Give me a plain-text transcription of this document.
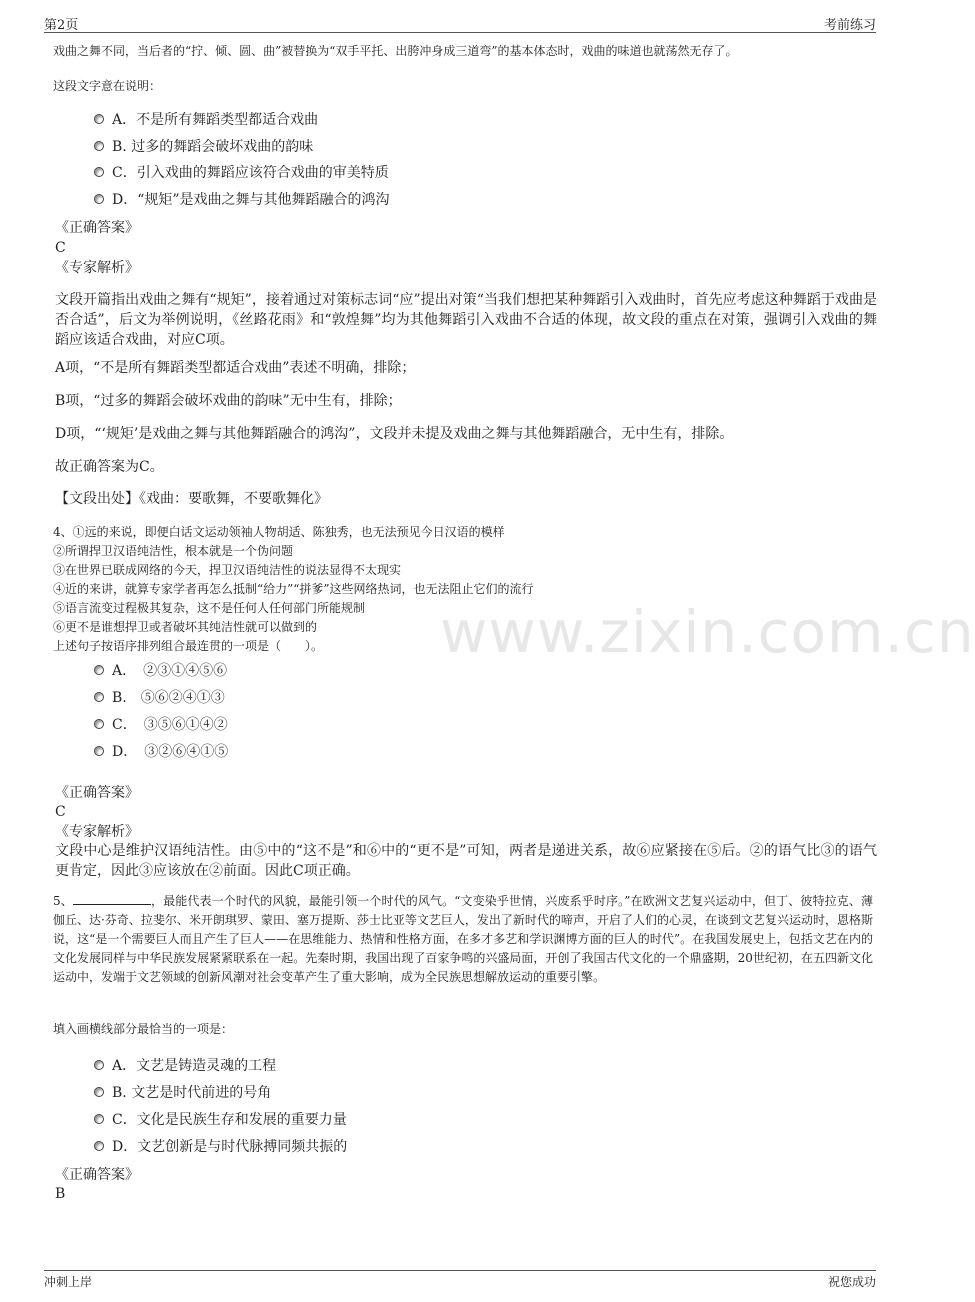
第2页	考前练习
戏曲之舞不同，当后者的“拧、倾、圆、曲”被替换为“双手平托、出胯冲身成三道弯”的基本体态时，戏曲的味道也就荡然无存了。
这段文字意在说明：
A．不是所有舞蹈类型都适合戏曲
B. 过多的舞蹈会破坏戏曲的韵味
C．引入戏曲的舞蹈应该符合戏曲的审美特质
D．“规矩”是戏曲之舞与其他舞蹈融合的鸿沟
《正确答案》
C
《专家解析》
文段开篇指出戏曲之舞有“规矩”，接着通过对策标志词“应”提出对策“当我们想把某种舞蹈引入戏曲时，首先应考虑这种舞蹈于戏曲是否合适”，后文为举例说明，《丝路花雨》和“敦煌舞”均为其他舞蹈引入戏曲不合适的体现，故文段的重点在对策，强调引入戏曲的舞蹈应该适合戏曲，对应C项。
A项，“不是所有舞蹈类型都适合戏曲”表述不明确，排除；
B项，“过多的舞蹈会破坏戏曲的韵味”无中生有，排除；
D项，“‘规矩’是戏曲之舞与其他舞蹈融合的鸿沟”，文段并未提及戏曲之舞与其他舞蹈融合，无中生有，排除。
故正确答案为C。
【文段出处】《戏曲：要歌舞，不要歌舞化》
4、①远的来说，即便白话文运动领袖人物胡适、陈独秀，也无法预见今日汉语的模样
②所谓捍卫汉语纯洁性，根本就是一个伪问题
③在世界已联成网络的今天，捍卫汉语纯洁性的说法显得不太现实
④近的来讲，就算专家学者再怎么抵制“给力”“拼爹”这些网络热词，也无法阻止它们的流行
⑤语言流变过程极其复杂，这不是任何人任何部门所能规制
⑥更不是谁想捍卫或者破坏其纯洁性就可以做到的
上述句子按语序排列组合最连贯的一项是（　　）。
A．　②③①④⑤⑥
B.　⑤⑥②④①③
C．　③⑤⑥①④②
D．　③②⑥④①⑤
《正确答案》
C
《专家解析》
文段中心是维护汉语纯洁性。由⑤中的“这不是”和⑥中的“更不是”可知，两者是递进关系，故⑥应紧接在⑤后。②的语气比③的语气更肯定，因此③应该放在②前面。因此C项正确。
5、	，最能代表一个时代的风貌，最能引领一个时代的风气。“文变染乎世情，兴废系乎时序。”在欧洲文艺复兴运动中，但丁、彼特拉克、薄伽丘、达·芬奇、拉斐尔、米开朗琪罗、蒙田、塞万提斯、莎士比亚等文艺巨人，发出了新时代的啼声，开启了人们的心灵，在谈到文艺复兴运动时，恩格斯说，这“是一个需要巨人而且产生了巨人——在思维能力、热情和性格方面，在多才多艺和学识渊博方面的巨人的时代”。在我国发展史上，包括文艺在内的文化发展同样与中华民族发展紧紧联系在一起。先秦时期，我国出现了百家争鸣的兴盛局面，开创了我国古代文化的一个鼎盛期，20世纪初，在五四新文化运动中，发端于文艺领域的创新风潮对社会变革产生了重大影响，成为全民族思想解放运动的重要引擎。
填入画横线部分最恰当的一项是：
A．文艺是铸造灵魂的工程
B. 文艺是时代前进的号角
C．文化是民族生存和发展的重要力量
D．文艺创新是与时代脉搏同频共振的
《正确答案》
B
www.zixin.com.cn
冲刺上岸	祝您成功
